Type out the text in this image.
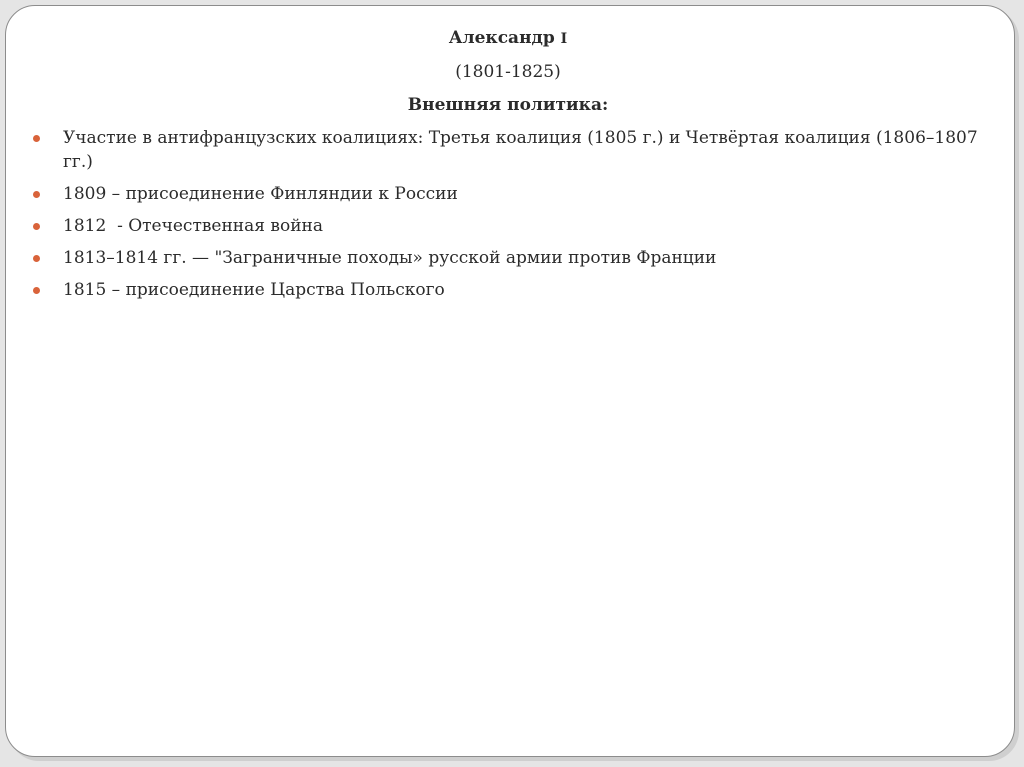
Александр I
(1801-1825)
Внешняя политика:
Участие в антифранцузских коалициях: Третья коалиция (1805 г.) и Четвёртая коалиция (1806–1807 гг.)
1809 – присоединение Финляндии к России
1812  - Отечественная война
1813–1814 гг. — "Заграничные походы» русской армии против Франции
1815 – присоединение Царства Польского
